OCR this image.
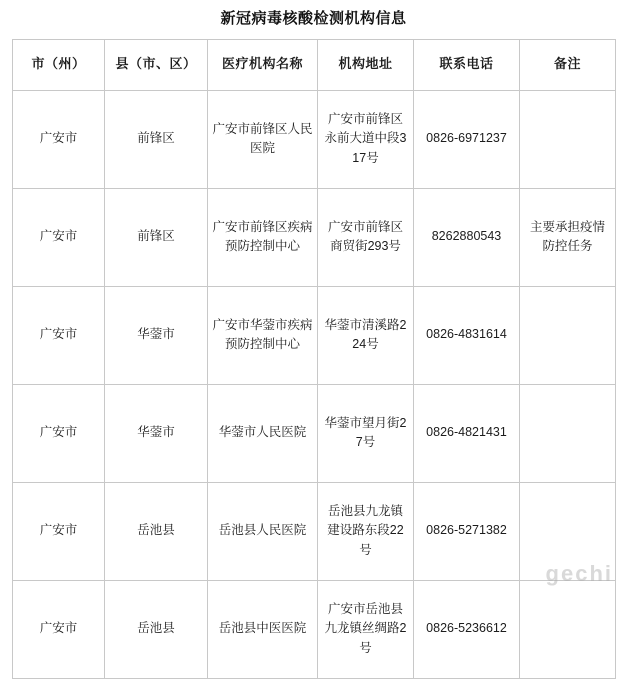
新冠病毒核酸检测机构信息
市（州）	县（市、区）	医疗机构名称	机构地址	联系电话	备注
广安市	前锋区	广安市前锋区人民医院	广安市前锋区永前大道中段317号	0826-6971237	
广安市	前锋区	广安市前锋区疾病预防控制中心	广安市前锋区商贸街293号	8262880543	主要承担疫情防控任务
广安市	华蓥市	广安市华蓥市疾病预防控制中心	华蓥市清溪路224号	0826-4831614	
广安市	华蓥市	华蓥市人民医院	华蓥市望月街27号	0826-4821431	
广安市	岳池县	岳池县人民医院	岳池县九龙镇建设路东段22号	0826-5271382	
广安市	岳池县	岳池县中医医院	广安市岳池县九龙镇丝绸路2号	0826-5236612	
gechi
